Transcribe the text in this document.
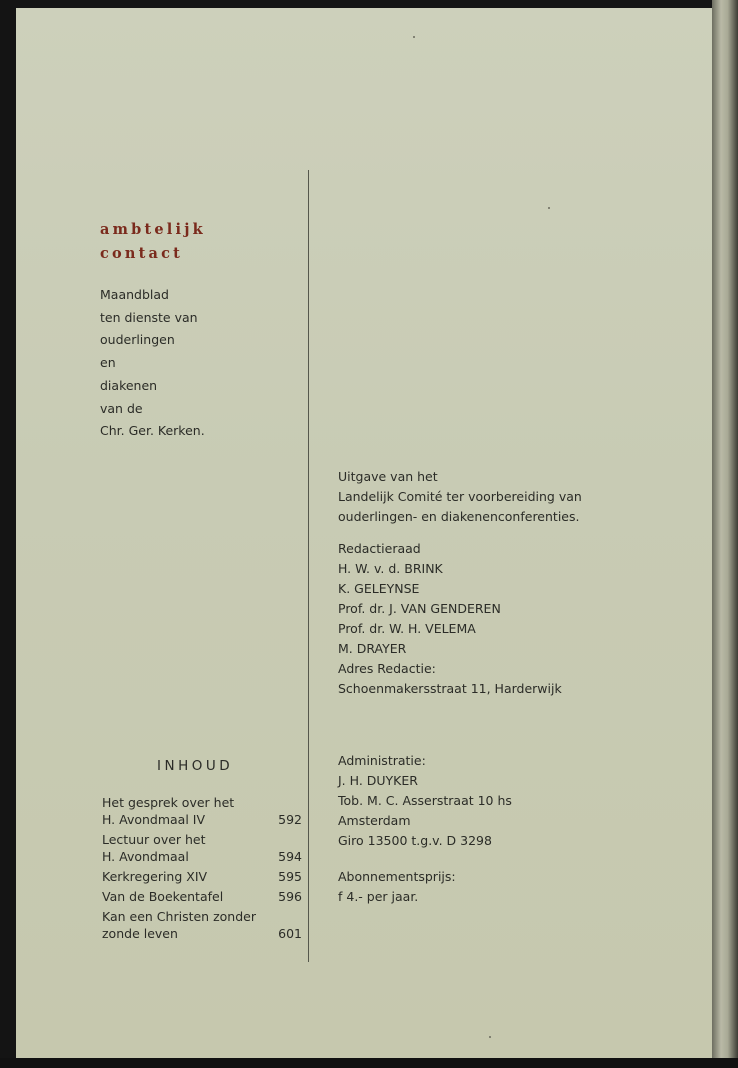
ambtelijk
contact
Maandblad
ten dienste van
ouderlingen
en
diakenen
van de
Chr. Ger. Kerken.
Uitgave van het
Landelijk Comité ter voorbereiding van
ouderlingen- en diakenenconferenties.
Redactieraad
H. W. v. d. BRINK
K. GELEYNSE
Prof. dr. J. VAN GENDEREN
Prof. dr. W. H. VELEMA
M. DRAYER
Adres Redactie:
Schoenmakersstraat 11, Harderwijk
INHOUD
Het gesprek over het
H. Avondmaal IV	592
Lectuur over het
H. Avondmaal	594
Kerkregering XIV	595
Van de Boekentafel	596
Kan een Christen zonder
zonde leven	601
Administratie:
J. H. DUYKER
Tob. M. C. Asserstraat 10 hs
Amsterdam
Giro 13500 t.g.v. D 3298
Abonnementsprijs:
f 4.- per jaar.
